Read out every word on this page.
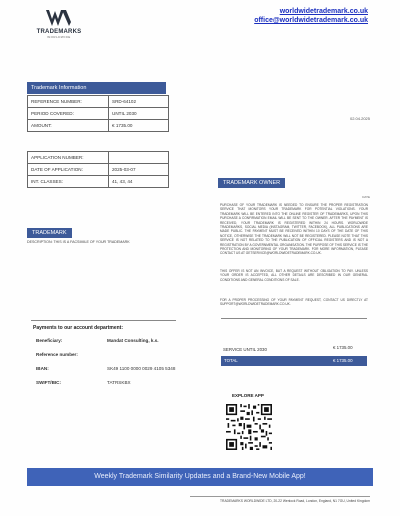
TRADEMARKS
WORLDWIDE
worldwidetrademark.co.uk
office@worldwidetrademark.co.uk
Trademark Information
REFERENCE NUMBER:	SRD-64102
PERIOD COVERED:	UNTIL 2030
AMOUNT:	€ 1735.00
02.04.2025
APPLICATION NUMBER:	
DATE OF APPLICATION:	2025-03-07
INT. CLASSES:	41, 43, 44	TRADEMARK OWNER
DATE
PURCHASE OF YOUR TRADEMARK IS NEEDED TO ENSURE THE PROPER REGISTRATION SERVICE THAT MONITORS YOUR TRADEMARK FOR POTENTIAL VIOLATIONS. YOUR TRADEMARK WILL BE ENTERED INTO THE ONLINE REGISTER OF TRADEMARKS, UPON THIS PURCHASE A CONFIRMATION EMAIL WILL BE SENT TO THE OWNER. AFTER THE PAYMENT IS RECEIVED, YOUR TRADEMARK IS REGISTERED WITHIN 24 HOURS. WORLDWIDE TRADEMARKS, SOCIAL MEDIA (INSTAGRAM, TWITTER, FACEBOOK), ALL PUBLICATIONS ARE MADE PUBLIC. THE PAYMENT MUST BE RECEIVED WITHIN 10 DAYS OF THE DATE OF THIS NOTICE, OTHERWISE THE TRADEMARK WILL NOT BE REGISTERED. PLEASE NOTE THAT THIS SERVICE IS NOT RELATED TO THE PUBLICATION OF OFFICIAL REGISTERS AND IS NOT A REGISTRATION BY A GOVERNMENTAL ORGANISATION. THE PURPOSE OF THIS SERVICE IS THE PROTECTION AND MONITORING OF YOUR TRADEMARK. FOR MORE INFORMATION, PLEASE CONTACT US AT GETSERVICE@WORLDWIDETRADEMARK.CO.UK.
THIS OFFER IS NOT AN INVOICE, BUT A REQUEST WITHOUT OBLIGATION TO PAY. UNLESS YOUR ORDER IS ACCEPTED, ALL OTHER DETAILS ARE DESCRIBED IN OUR GENERAL CONDITIONS AND GENERAL CONDITIONS OF SALE.
FOR A PROPER PROCESSING OF YOUR PAYMENT REQUEST, CONTACT US DIRECTLY AT SUPPORT@WORLDWIDETRADEMARK.CO.UK.
TRADEMARK
DESCRIPTION: THIS IS A FACSIMILE OF YOUR TRADEMARK
SERVICE UNTIL 2030	€ 1735.00
TOTAL	€ 1735.00
Payments to our account department:
Beneficiary:	Mandat Consulting, k.s.
Reference number:
IBAN:	SK49 1100 0000 0029 4105 5348
SWIFT/BIC:	TATRSKBX
EXPLORE APP
Weekly Trademark Similarity Updates and a Brand-New Mobile App!
TRADEMARKS WORLDWIDE LTD, 20-22 Wenlock Road, London, England, N1 7GU, United Kingdom
